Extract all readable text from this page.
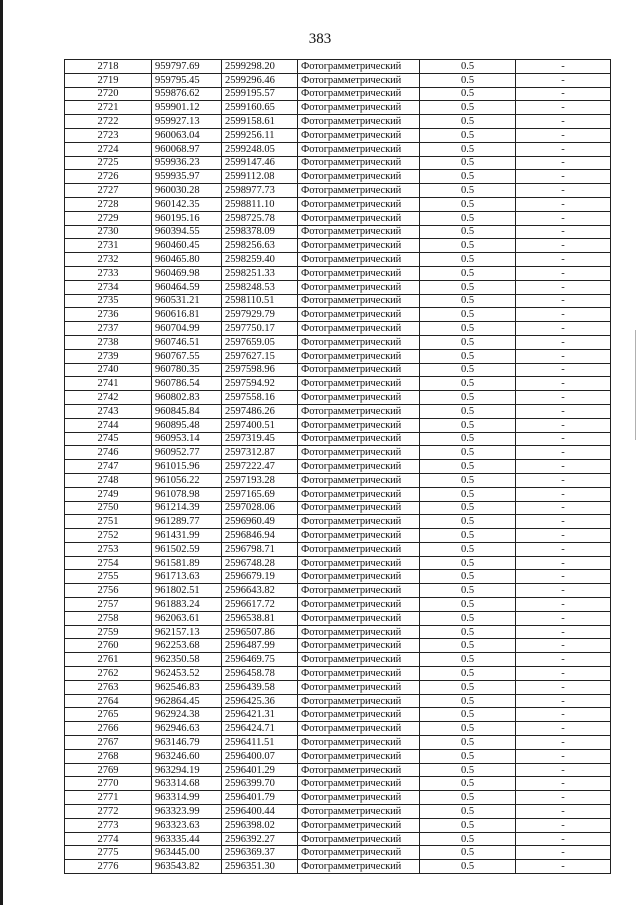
383
2718	959797.69	2599298.20	Фотограмметрический	0.5	-
2719	959795.45	2599296.46	Фотограмметрический	0.5	-
2720	959876.62	2599195.57	Фотограмметрический	0.5	-
2721	959901.12	2599160.65	Фотограмметрический	0.5	-
2722	959927.13	2599158.61	Фотограмметрический	0.5	-
2723	960063.04	2599256.11	Фотограмметрический	0.5	-
2724	960068.97	2599248.05	Фотограмметрический	0.5	-
2725	959936.23	2599147.46	Фотограмметрический	0.5	-
2726	959935.97	2599112.08	Фотограмметрический	0.5	-
2727	960030.28	2598977.73	Фотограмметрический	0.5	-
2728	960142.35	2598811.10	Фотограмметрический	0.5	-
2729	960195.16	2598725.78	Фотограмметрический	0.5	-
2730	960394.55	2598378.09	Фотограмметрический	0.5	-
2731	960460.45	2598256.63	Фотограмметрический	0.5	-
2732	960465.80	2598259.40	Фотограмметрический	0.5	-
2733	960469.98	2598251.33	Фотограмметрический	0.5	-
2734	960464.59	2598248.53	Фотограмметрический	0.5	-
2735	960531.21	2598110.51	Фотограмметрический	0.5	-
2736	960616.81	2597929.79	Фотограмметрический	0.5	-
2737	960704.99	2597750.17	Фотограмметрический	0.5	-
2738	960746.51	2597659.05	Фотограмметрический	0.5	-
2739	960767.55	2597627.15	Фотограмметрический	0.5	-
2740	960780.35	2597598.96	Фотограмметрический	0.5	-
2741	960786.54	2597594.92	Фотограмметрический	0.5	-
2742	960802.83	2597558.16	Фотограмметрический	0.5	-
2743	960845.84	2597486.26	Фотограмметрический	0.5	-
2744	960895.48	2597400.51	Фотограмметрический	0.5	-
2745	960953.14	2597319.45	Фотограмметрический	0.5	-
2746	960952.77	2597312.87	Фотограмметрический	0.5	-
2747	961015.96	2597222.47	Фотограмметрический	0.5	-
2748	961056.22	2597193.28	Фотограмметрический	0.5	-
2749	961078.98	2597165.69	Фотограмметрический	0.5	-
2750	961214.39	2597028.06	Фотограмметрический	0.5	-
2751	961289.77	2596960.49	Фотограмметрический	0.5	-
2752	961431.99	2596846.94	Фотограмметрический	0.5	-
2753	961502.59	2596798.71	Фотограмметрический	0.5	-
2754	961581.89	2596748.28	Фотограмметрический	0.5	-
2755	961713.63	2596679.19	Фотограмметрический	0.5	-
2756	961802.51	2596643.82	Фотограмметрический	0.5	-
2757	961883.24	2596617.72	Фотограмметрический	0.5	-
2758	962063.61	2596538.81	Фотограмметрический	0.5	-
2759	962157.13	2596507.86	Фотограмметрический	0.5	-
2760	962253.68	2596487.99	Фотограмметрический	0.5	-
2761	962350.58	2596469.75	Фотограмметрический	0.5	-
2762	962453.52	2596458.78	Фотограмметрический	0.5	-
2763	962546.83	2596439.58	Фотограмметрический	0.5	-
2764	962864.45	2596425.36	Фотограмметрический	0.5	-
2765	962924.38	2596421.31	Фотограмметрический	0.5	-
2766	962946.63	2596424.71	Фотограмметрический	0.5	-
2767	963146.79	2596411.51	Фотограмметрический	0.5	-
2768	963246.60	2596400.07	Фотограмметрический	0.5	-
2769	963294.19	2596401.29	Фотограмметрический	0.5	-
2770	963314.68	2596399.70	Фотограмметрический	0.5	-
2771	963314.99	2596401.79	Фотограмметрический	0.5	-
2772	963323.99	2596400.44	Фотограмметрический	0.5	-
2773	963323.63	2596398.02	Фотограмметрический	0.5	-
2774	963335.44	2596392.27	Фотограмметрический	0.5	-
2775	963445.00	2596369.37	Фотограмметрический	0.5	-
2776	963543.82	2596351.30	Фотограмметрический	0.5	-
